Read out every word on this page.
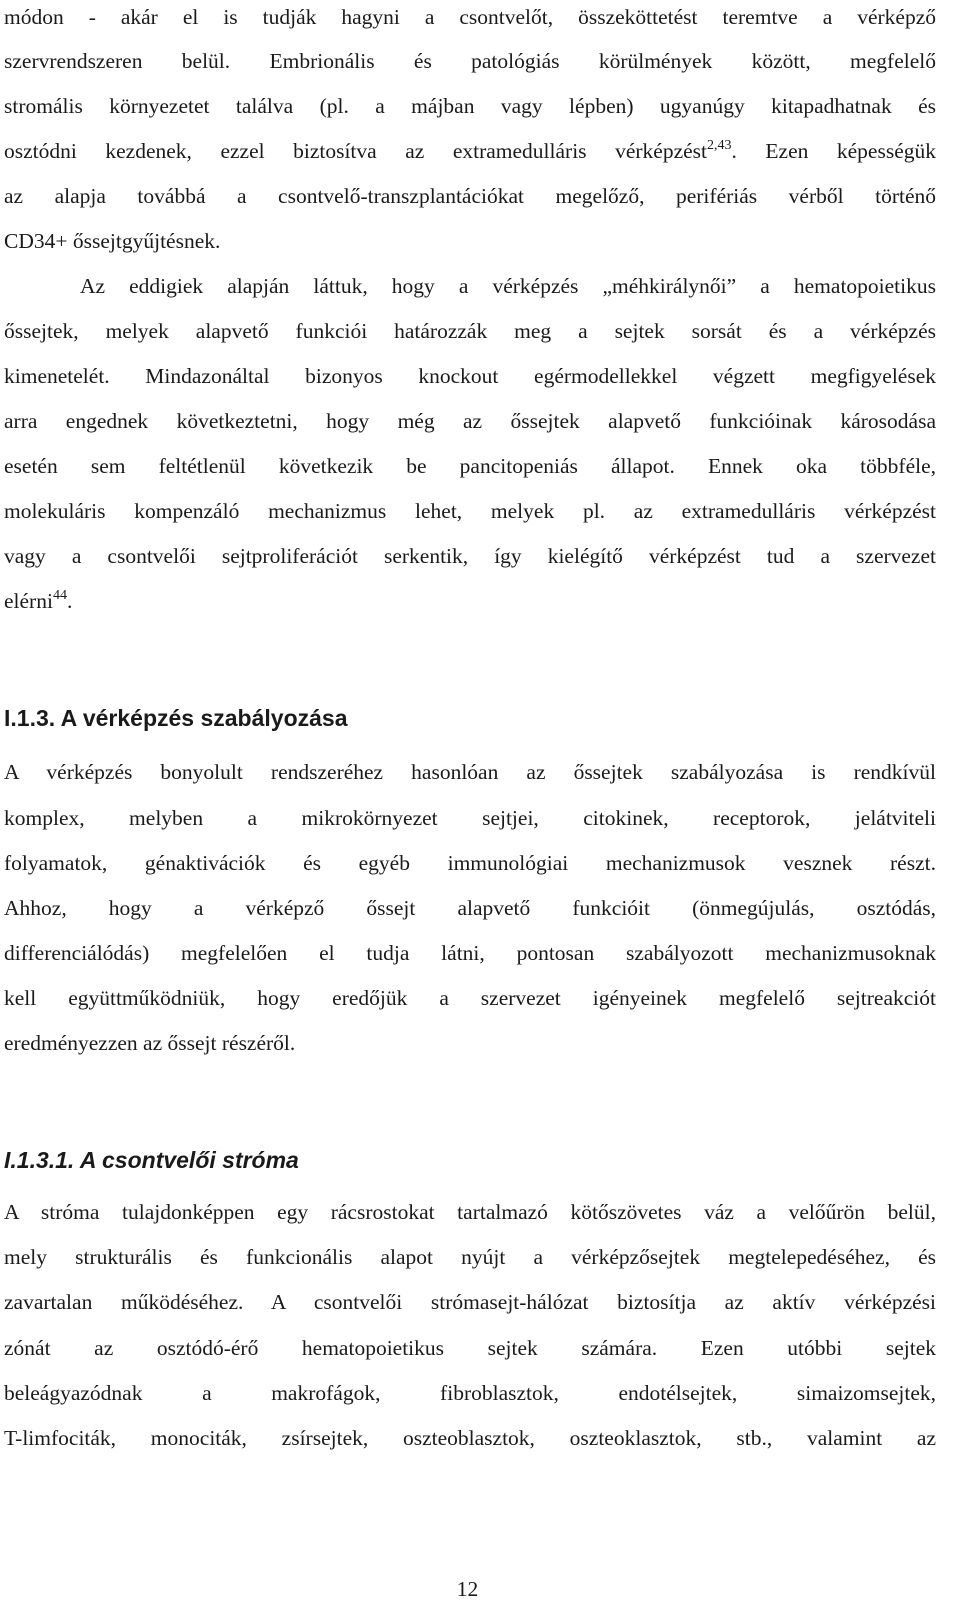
módon - akár el is tudják hagyni a csontvelőt, összeköttetést teremtve a vérképző
szervrendszeren belül. Embrionális és patológiás körülmények között, megfelelő
stromális környezetet találva (pl. a májban vagy lépben) ugyanúgy kitapadhatnak és
osztódni kezdenek, ezzel biztosítva az extramedulláris vérképzést$^{2,43}$. Ezen képességük
az alapja továbbá a csontvelő-transzplantációkat megelőző, perifériás vérből történő
CD34+ őssejtgyűjtésnek.
Az eddigiek alapján láttuk, hogy a vérképzés „méhkirálynői” a hematopoietikus
őssejtek, melyek alapvető funkciói határozzák meg a sejtek sorsát és a vérképzés
kimenetelét. Mindazonáltal bizonyos knockout egérmodellekkel végzett megfigyelések
arra engednek következtetni, hogy még az őssejtek alapvető funkcióinak károsodása
esetén sem feltétlenül következik be pancitopeniás állapot. Ennek oka többféle,
molekuláris kompenzáló mechanizmus lehet, melyek pl. az extramedulláris vérképzést
vagy a csontvelői sejtproliferációt serkentik, így kielégítő vérképzést tud a szervezet
elérni$^{44}$.
I.1.3. A vérképzés szabályozása
A vérképzés bonyolult rendszeréhez hasonlóan az őssejtek szabályozása is rendkívül
komplex, melyben a mikrokörnyezet sejtjei, citokinek, receptorok, jelátviteli
folyamatok, génaktivációk és egyéb immunológiai mechanizmusok vesznek részt.
Ahhoz, hogy a vérképző őssejt alapvető funkcióit (önmegújulás, osztódás,
differenciálódás) megfelelően el tudja látni, pontosan szabályozott mechanizmusoknak
kell együttműködniük, hogy eredőjük a szervezet igényeinek megfelelő sejtreakciót
eredményezzen az őssejt részéről.
I.1.3.1. A csontvelői stróma
A stróma tulajdonképpen egy rácsrostokat tartalmazó kötőszövetes váz a velőűrön belül,
mely strukturális és funkcionális alapot nyújt a vérképzősejtek megtelepedéséhez, és
zavartalan működéséhez. A csontvelői strómasejt-hálózat biztosítja az aktív vérképzési
zónát az osztódó-érő hematopoietikus sejtek számára. Ezen utóbbi sejtek
beleágyazódnak a makrofágok, fibroblasztok, endotélsejtek, simaizomsejtek,
T-limfociták, monociták, zsírsejtek, oszteoblasztok, oszteoklasztok, stb., valamint az
12
